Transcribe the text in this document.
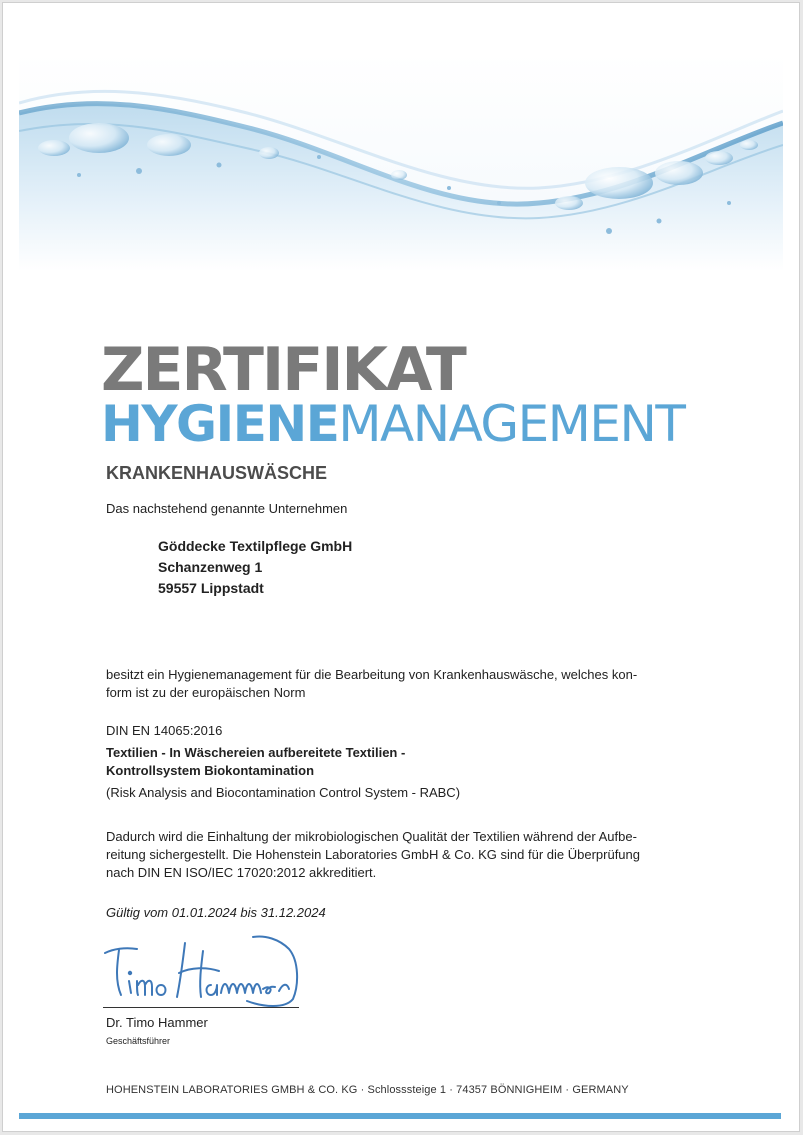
ZERTIFIKAT
HYGIENEMANAGEMENT
KRANKENHAUSWÄSCHE
Das nachstehend genannte Unternehmen
Göddecke Textilpflege GmbH
Schanzenweg 1
59557 Lippstadt
besitzt ein Hygienemanagement für die Bearbeitung von Krankenhauswäsche, welches kon-
form ist zu der europäischen Norm
DIN EN 14065:2016
Textilien - In Wäschereien aufbereitete Textilien -
Kontrollsystem Biokontamination
(Risk Analysis and Biocontamination Control System - RABC)
Dadurch wird die Einhaltung der mikrobiologischen Qualität der Textilien während der Aufbe-
reitung sichergestellt. Die Hohenstein Laboratories GmbH & Co. KG sind für die Überprüfung
nach DIN EN ISO/IEC 17020:2012 akkreditiert.
Gültig vom 01.01.2024 bis 31.12.2024
Dr. Timo Hammer
Geschäftsführer
HOHENSTEIN LABORATORIES GMBH & CO. KG · Schlosssteige 1 · 74357 BÖNNIGHEIM · GERMANY
